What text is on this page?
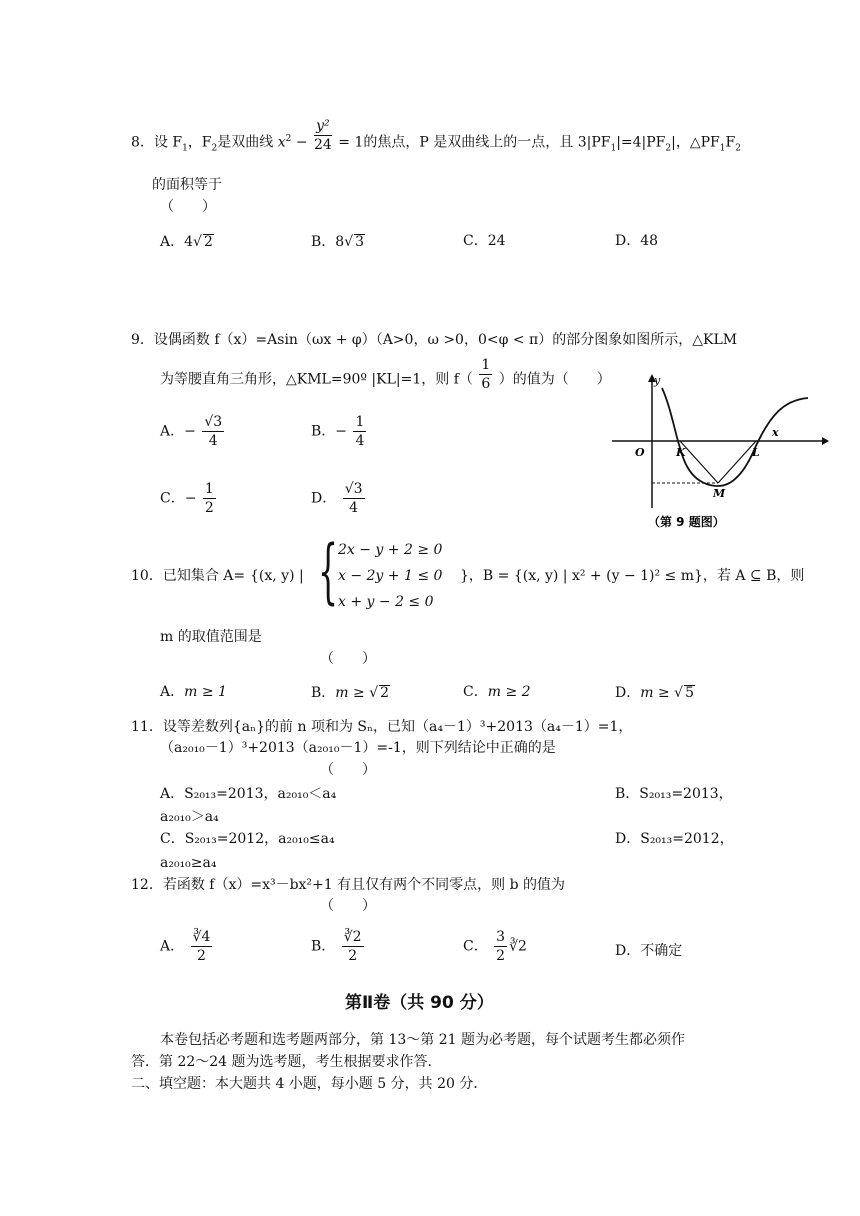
8．设 $F_1$，$F_2$是双曲线 $x^2 - \frac{\text{y²}}{24} = 1$的焦点，P 是双曲线上的一点，且 $3|PF_1|=4|PF_2|$，$\triangle PF_1F_2$
的面积等于
（　　）
A．4√ 2	B．8√ 3	C．24	D．48
9．设偶函数 f（x）=Asin（ωx + φ）（A>0，ω >0，0<φ < π）的部分图象如图所示，△KLM
为等腰直角三角形，△KML=90º |KL|=1，则 $f( \frac{1}{6}$ ）的值为（　　）
A．− $\frac{√3}{4}$	B．− $\frac{1}{4}$
C．− $\frac{1}{2}$	D． $\frac{√3}{4}$
y
x
O	K	L
M
（第 9 题图）
10．已知集合 A= {(x, y) | { 2x − y + 2 ≥ 0
x − 2y + 1 ≤ 0
x + y − 2 ≤ 0
}，B = {(x, y) | x² + (y − 1)² ≤ m}，若 A ⊆ B，则
m 的取值范围是
（　　）
A．m ≥ 1	B．m ≥ √ 2	C．m ≥ 2	D．m ≥ √ 5
11．设等差数列{aₙ}的前 n 项和为 Sₙ，已知（a₄－1）³+2013（a₄－1）=1，
（a₂₀₁₀－1）³+2013（a₂₀₁₀－1）=-1，则下列结论中正确的是
（　　）
A．S₂₀₁₃=2013，a₂₀₁₀＜a₄	B．S₂₀₁₃=2013，
a₂₀₁₀＞a₄
C．S₂₀₁₃=2012，a₂₀₁₀≤a₄	D．S₂₀₁₃=2012，
a₂₀₁₀≥a₄
12．若函数 f（x）=x³－bx²+1 有且仅有两个不同零点，则 b 的值为
（　　）
A． $\frac{∛4}{2}$	B． $\frac{∛2}{2}$	C． $\frac{3}{2}$ ∛2	D．不确定
第Ⅱ卷（共 90 分）
本卷包括必考题和选考题两部分，第 13～第 21 题为必考题，每个试题考生都必须作
答．第 22～24 题为选考题，考生根据要求作答．
二、填空题：本大题共 4 小题，每小题 5 分，共 20 分．
